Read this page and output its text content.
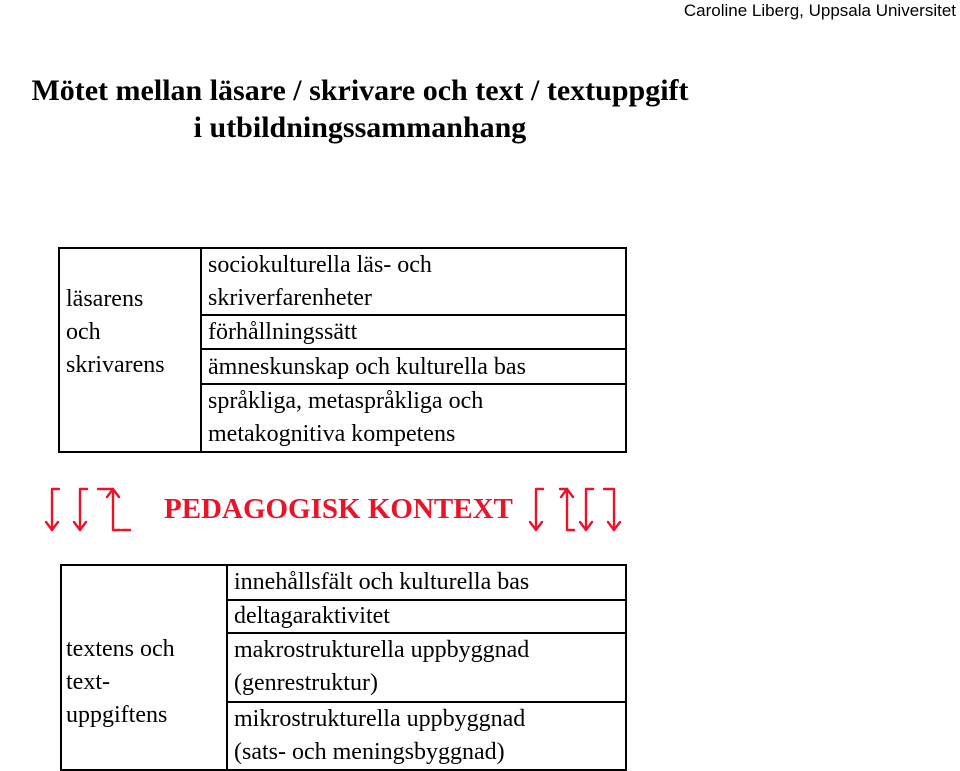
Caroline Liberg, Uppsala Universitet
Mötet mellan läsare / skrivare och text / textuppgift
i utbildningssammanhang
läsarens
och
skrivarens
sociokulturella läs- och
skriverfarenheter
förhållningssätt
ämneskunskap och kulturella bas
språkliga, metaspråkliga och
metakognitiva kompetens
PEDAGOGISK KONTEXT
textens och
text-
uppgiftens
innehållsfält och kulturella bas
deltagaraktivitet
makrostrukturella uppbyggnad
(genrestruktur)
mikrostrukturella uppbyggnad
(sats- och meningsbyggnad)
